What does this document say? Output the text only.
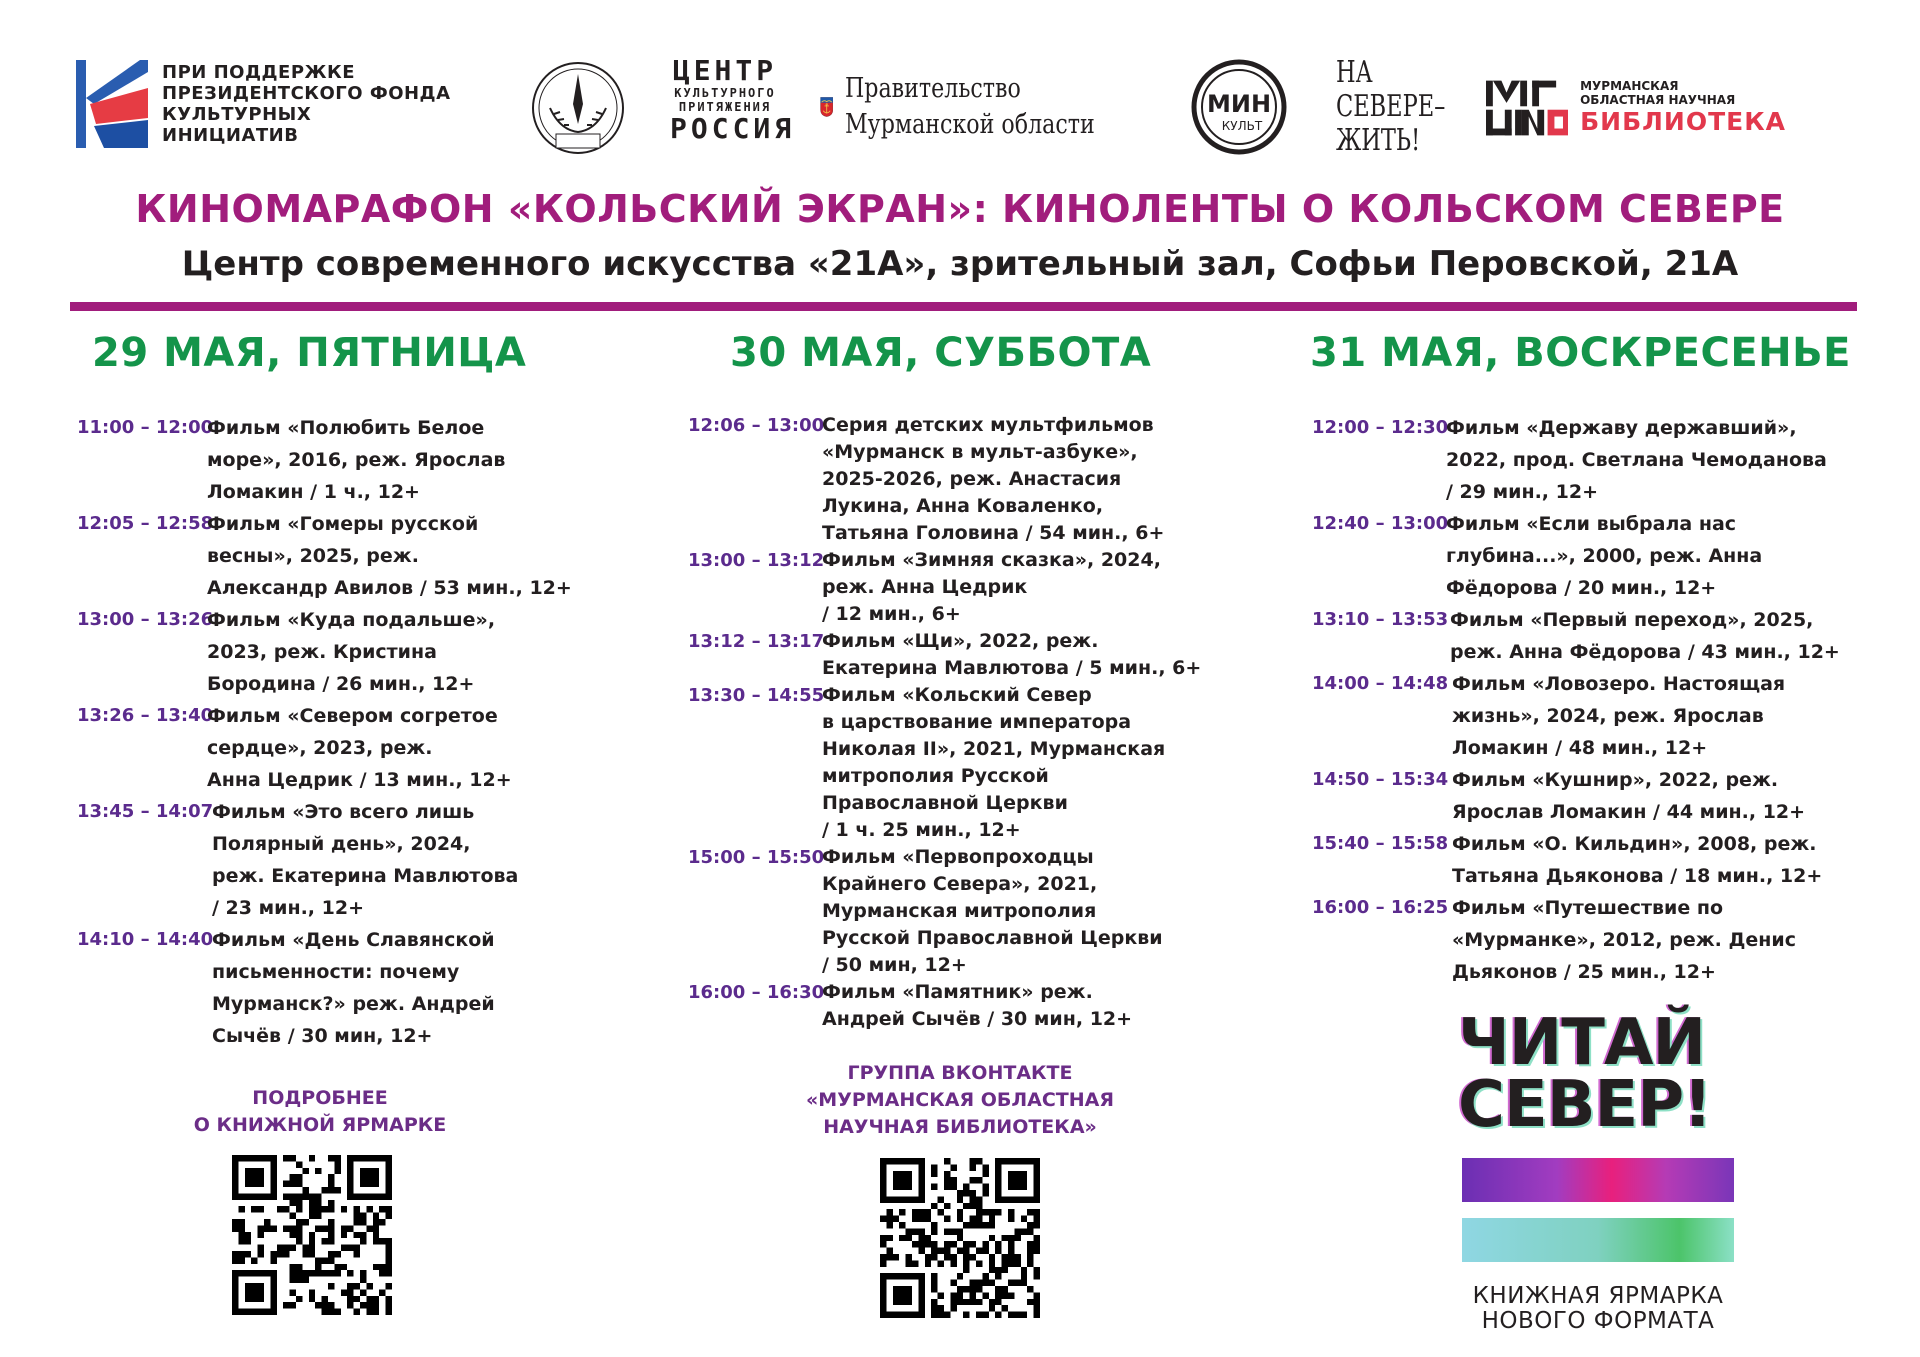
ПРИ ПОДДЕРЖКЕ
ПРЕЗИДЕНТСКОГО ФОНДА
КУЛЬТУРНЫХ ИНИЦИАТИВ
ЦЕНТР
КУЛЬТУРНОГО
ПРИТЯЖЕНИЯ
РОССИЯ
Правительство
Мурманской области
МИН
КУЛЬТ
НА
СЕВЕРЕ–
ЖИТЬ!
МУРМАНСКАЯ
ОБЛАСТНАЯ НАУЧНАЯ
БИБЛИОТЕКА
КИНОМАРАФОН «КОЛЬСКИЙ ЭКРАН»: КИНОЛЕНТЫ О КОЛЬСКОМ СЕВЕРЕ
Центр современного искусства «21А», зрительный зал, Софьи Перовской, 21А
29 МАЯ, ПЯТНИЦА	30 МАЯ, СУББОТА	31 МАЯ, ВОСКРЕСЕНЬЕ
11:00 – 12:00
Фильм «Полюбить Белое
море», 2016, реж. Ярослав
Ломакин / 1 ч., 12+
12:05 – 12:58
Фильм «Гомеры русской
весны», 2025, реж.
Александр Авилов / 53 мин., 12+
13:00 – 13:26
Фильм «Куда подальше»,
2023, реж. Кристина
Бородина / 26 мин., 12+
13:26 – 13:40
Фильм «Севером согретое
сердце», 2023, реж.
Анна Цедрик / 13 мин., 12+
13:45 – 14:07
Фильм «Это всего лишь
Полярный день», 2024,
реж. Екатерина Мавлютова
/ 23 мин., 12+
14:10 – 14:40
Фильм «День Славянской
письменности: почему
Мурманск?» реж. Андрей
Сычёв / 30 мин, 12+
12:06 – 13:00
Серия детских мультфильмов
«Мурманск в мульт-азбуке»,
2025-2026, реж. Анастасия
Лукина, Анна Коваленко,
Татьяна Головина / 54 мин., 6+
13:00 – 13:12
Фильм «Зимняя сказка», 2024,
реж. Анна Цедрик
/ 12 мин., 6+
13:12 – 13:17
Фильм «Щи», 2022, реж.
Екатерина Мавлютова / 5 мин., 6+
13:30 – 14:55
Фильм «Кольский Север
в царствование императора
Николая II», 2021, Мурманская
митрополия Русской
Православной Церкви
/ 1 ч. 25 мин., 12+
15:00 – 15:50
Фильм «Первопроходцы
Крайнего Севера», 2021,
Мурманская митрополия
Русской Православной Церкви
/ 50 мин, 12+
16:00 – 16:30
Фильм «Памятник» реж.
Андрей Сычёв / 30 мин, 12+
12:00 – 12:30
Фильм «Державу державший»,
2022, прод. Светлана Чемоданова
/ 29 мин., 12+
12:40 – 13:00
Фильм «Если выбрала нас
глубина...», 2000, реж. Анна
Фёдорова / 20 мин., 12+
13:10 – 13:53 Фильм «Первый переход», 2025,
реж. Анна Фёдорова / 43 мин., 12+
14:00 – 14:48 Фильм «Ловозеро. Настоящая
жизнь», 2024, реж. Ярослав
Ломакин / 48 мин., 12+
14:50 – 15:34 Фильм «Кушнир», 2022, реж.
Ярослав Ломакин / 44 мин., 12+
15:40 – 15:58 Фильм «О. Кильдин», 2008, реж.
Татьяна Дьяконова / 18 мин., 12+
16:00 – 16:25 Фильм «Путешествие по
«Мурманке», 2012, реж. Денис
Дьяконов / 25 мин., 12+
ПОДРОБНЕЕ
О КНИЖНОЙ ЯРМАРКЕ
ГРУППА ВКОНТАКТЕ
«МУРМАНСКАЯ ОБЛАСТНАЯ
НАУЧНАЯ БИБЛИОТЕКА»
ЧИТАЙ
СЕВЕР!
КНИЖНАЯ ЯРМАРКА
НОВОГО ФОРМАТА
